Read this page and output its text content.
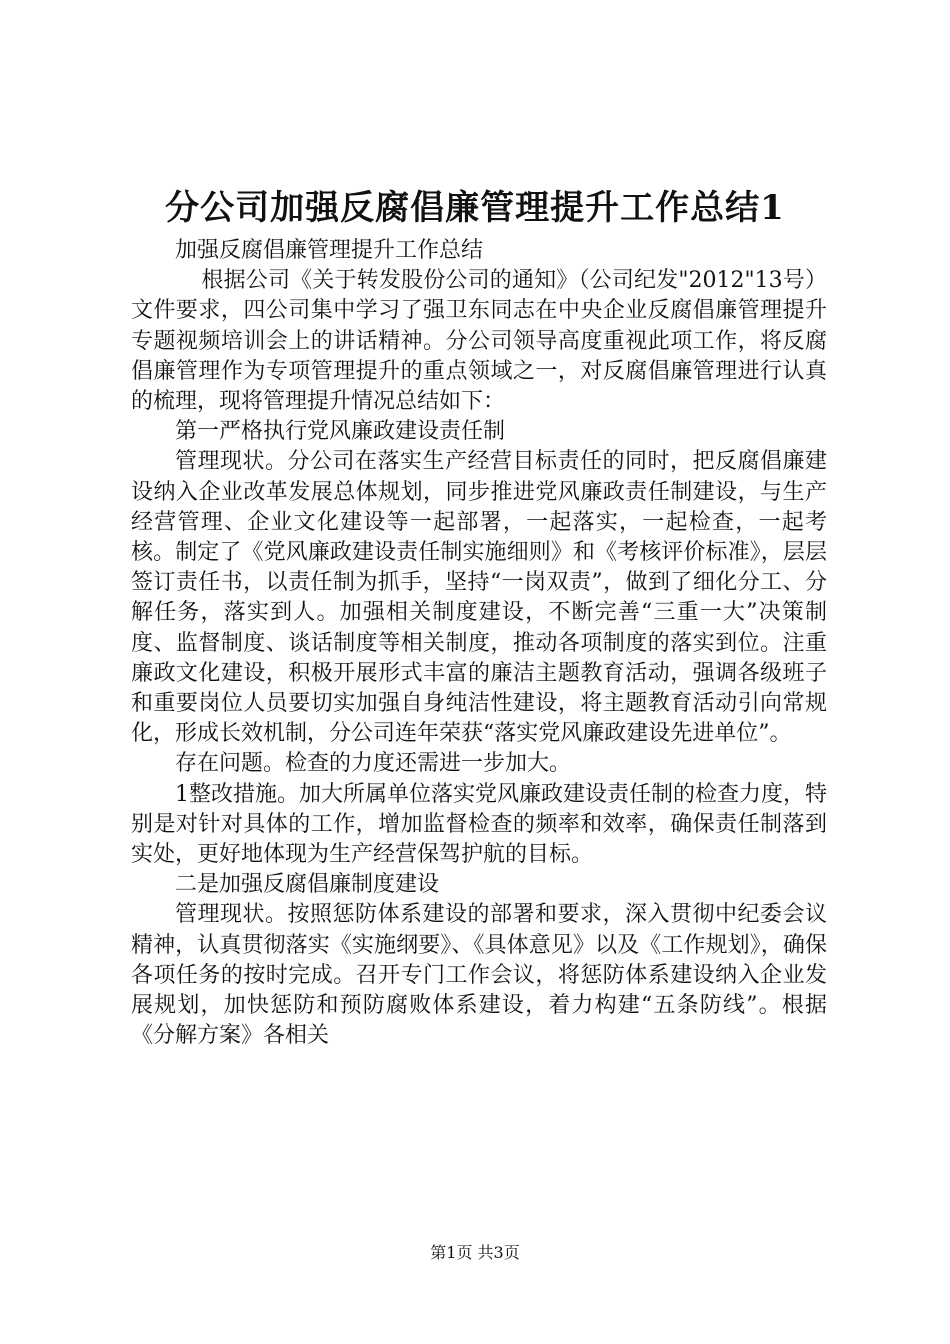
分公司加强反腐倡廉管理提升工作总结1

加强反腐倡廉管理提升工作总结

根据公司《关于转发股份公司的通知》（公司纪发"2012"13号）文件要求，四公司集中学习了强卫东同志在中央企业反腐倡廉管理提升专题视频培训会上的讲话精神。分公司领导高度重视此项工作，将反腐倡廉管理作为专项管理提升的重点领域之一，对反腐倡廉管理进行认真的梳理，现将管理提升情况总结如下：

第一严格执行党风廉政建设责任制

管理现状。分公司在落实生产经营目标责任的同时，把反腐倡廉建设纳入企业改革发展总体规划，同步推进党风廉政责任制建设，与生产经营管理、企业文化建设等一起部署，一起落实，一起检查，一起考核。制定了《党风廉政建设责任制实施细则》和《考核评价标准》，层层签订责任书，以责任制为抓手，坚持“一岗双责”，做到了细化分工、分解任务，落实到人。加强相关制度建设，不断完善“三重一大”决策制度、监督制度、谈话制度等相关制度，推动各项制度的落实到位。注重廉政文化建设，积极开展形式丰富的廉洁主题教育活动，强调各级班子和重要岗位人员要切实加强自身纯洁性建设，将主题教育活动引向常规化，形成长效机制，分公司连年荣获“落实党风廉政建设先进单位”。

存在问题。检查的力度还需进一步加大。

1整改措施。加大所属单位落实党风廉政建设责任制的检查力度，特别是对针对具体的工作，增加监督检查的频率和效率，确保责任制落到实处，更好地体现为生产经营保驾护航的目标。

二是加强反腐倡廉制度建设

管理现状。按照惩防体系建设的部署和要求，深入贯彻中纪委会议精神，认真贯彻落实《实施纲要》、《具体意见》以及《工作规划》，确保各项任务的按时完成。召开专门工作会议，将惩防体系建设纳入企业发展规划，加快惩防和预防腐败体系建设，着力构建“五条防线”。根据《分解方案》各相关

第1页 共3页
